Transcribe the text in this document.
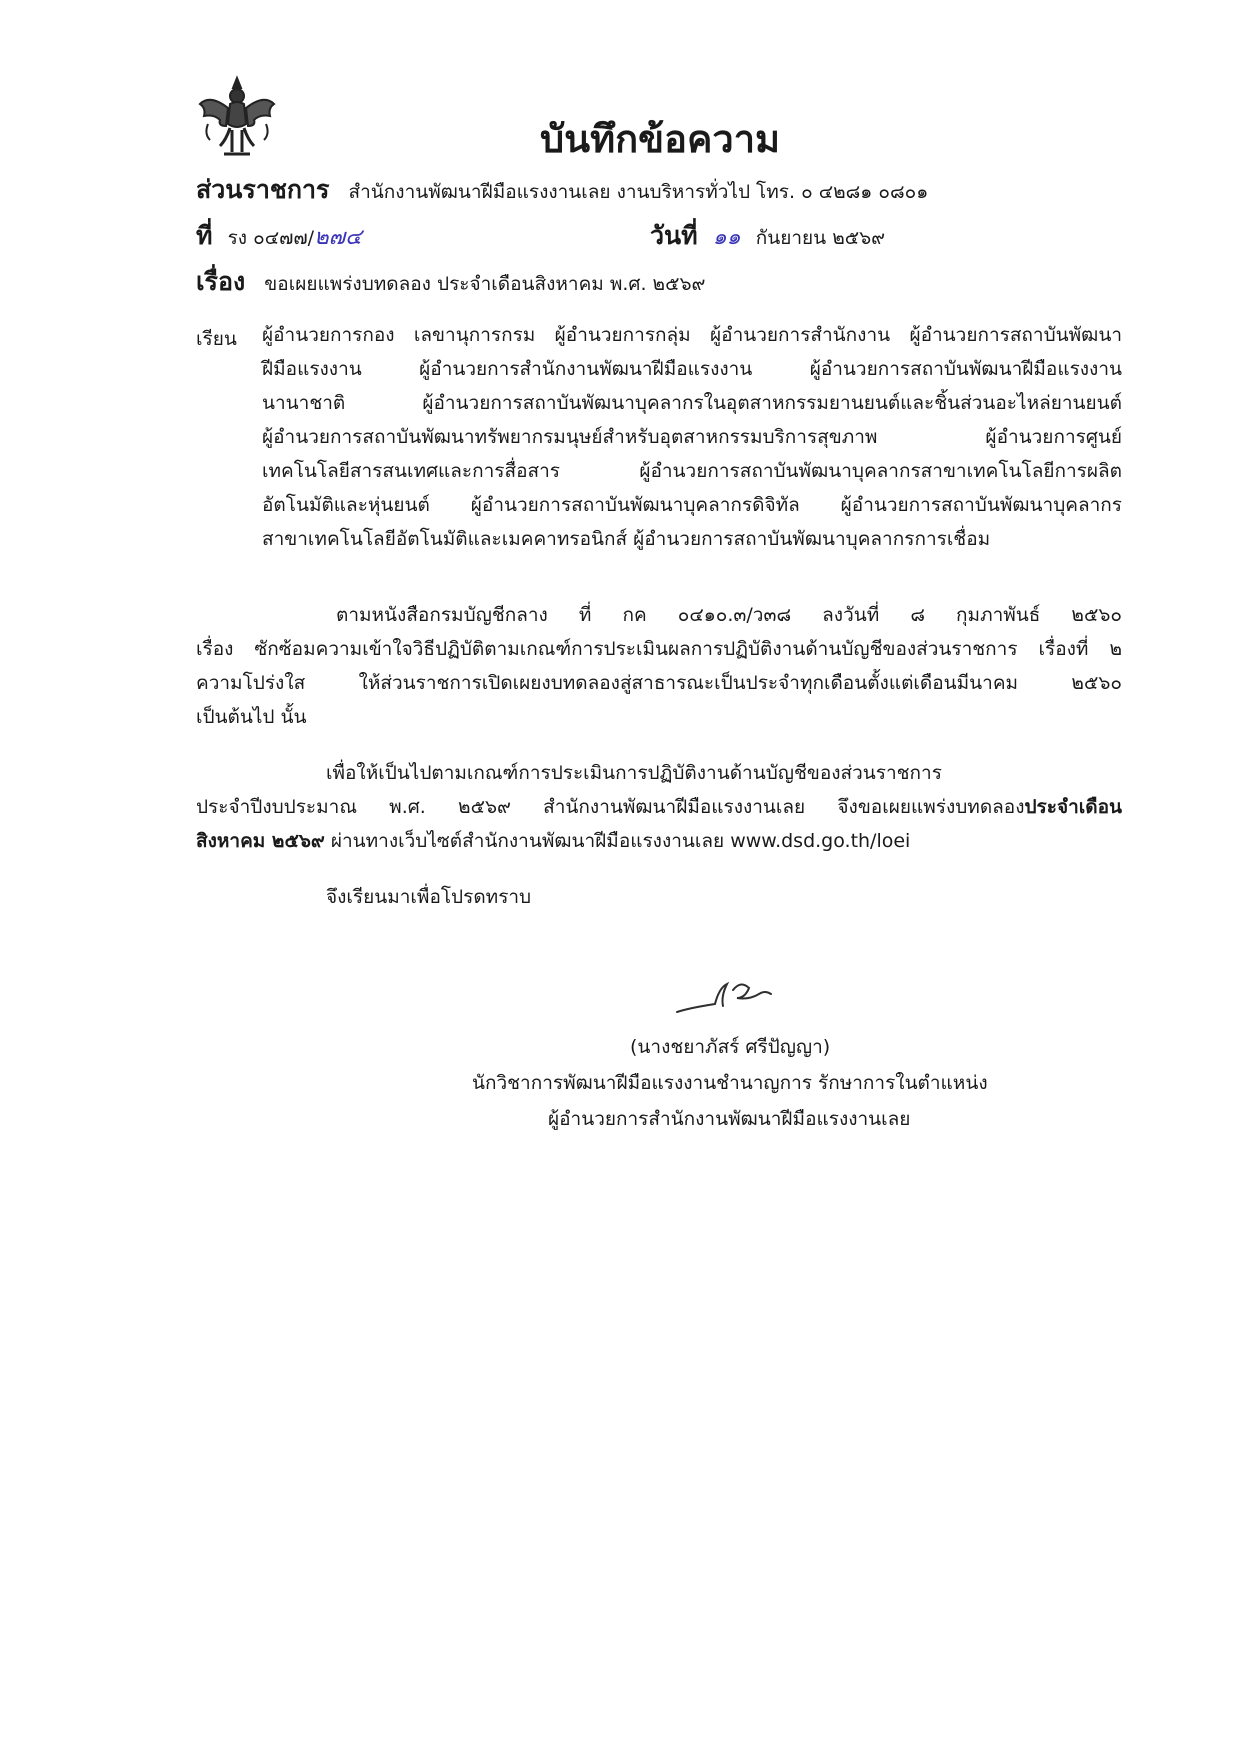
บันทึกข้อความ
ส่วนราชการ สำนักงานพัฒนาฝีมือแรงงานเลย งานบริหารทั่วไป โทร. ๐ ๔๒๘๑ ๐๘๐๑
ที่ รง ๐๔๗๗/๒๗๔	วันที่ ๑๑ กันยายน ๒๕๖๙
เรื่อง ขอเผยแพร่งบทดลอง ประจำเดือนสิงหาคม พ.ศ. ๒๕๖๙
เรียน ผู้อำนวยการกอง เลขานุการกรม ผู้อำนวยการกลุ่ม ผู้อำนวยการสำนักงาน ผู้อำนวยการสถาบันพัฒนา
ฝีมือแรงงาน ผู้อำนวยการสำนักงานพัฒนาฝีมือแรงงาน ผู้อำนวยการสถาบันพัฒนาฝีมือแรงงาน
นานาชาติ ผู้อำนวยการสถาบันพัฒนาบุคลากรในอุตสาหกรรมยานยนต์และชิ้นส่วนอะไหล่ยานยนต์
ผู้อำนวยการสถาบันพัฒนาทรัพยากรมนุษย์สำหรับอุตสาหกรรมบริการสุขภาพ ผู้อำนวยการศูนย์
เทคโนโลยีสารสนเทศและการสื่อสาร ผู้อำนวยการสถาบันพัฒนาบุคลากรสาขาเทคโนโลยีการผลิต
อัตโนมัติและหุ่นยนต์ ผู้อำนวยการสถาบันพัฒนาบุคลากรดิจิทัล ผู้อำนวยการสถาบันพัฒนาบุคลากร
สาขาเทคโนโลยีอัตโนมัติและเมคคาทรอนิกส์ ผู้อำนวยการสถาบันพัฒนาบุคลากรการเชื่อม
ตามหนังสือกรมบัญชีกลาง ที่ กค ๐๔๑๐.๓/ว๓๘ ลงวันที่ ๘ กุมภาพันธ์ ๒๕๖๐
เรื่อง ซักซ้อมความเข้าใจวิธีปฏิบัติตามเกณฑ์การประเมินผลการปฏิบัติงานด้านบัญชีของส่วนราชการ เรื่องที่ ๒
ความโปร่งใส ให้ส่วนราชการเปิดเผยงบทดลองสู่สาธารณะเป็นประจำทุกเดือนตั้งแต่เดือนมีนาคม ๒๕๖๐
เป็นต้นไป นั้น
เพื่อให้เป็นไปตามเกณฑ์การประเมินการปฏิบัติงานด้านบัญชีของส่วนราชการ
ประจำปีงบประมาณ พ.ศ. ๒๕๖๙ สำนักงานพัฒนาฝีมือแรงงานเลย จึงขอเผยแพร่งบทดลองประจำเดือน
สิงหาคม ๒๕๖๙ ผ่านทางเว็บไซต์สำนักงานพัฒนาฝีมือแรงงานเลย www.dsd.go.th/loei
จึงเรียนมาเพื่อโปรดทราบ
(นางชยาภัสร์ ศรีปัญญา)
นักวิชาการพัฒนาฝีมือแรงงานชำนาญการ รักษาการในตำแหน่ง
ผู้อำนวยการสำนักงานพัฒนาฝีมือแรงงานเลย
